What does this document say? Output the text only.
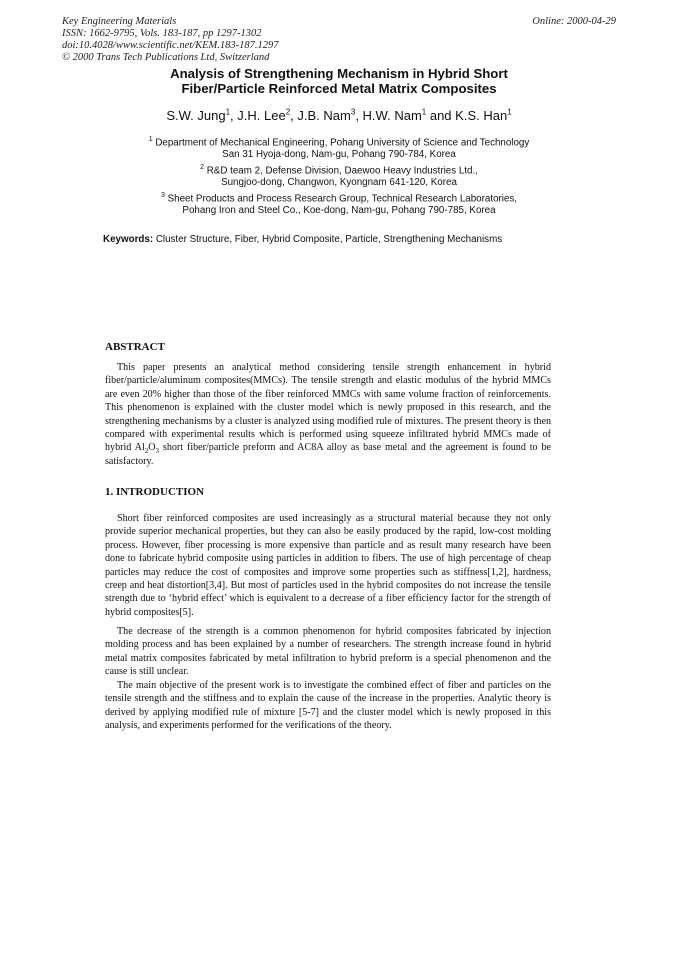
Key Engineering Materials
ISSN: 1662-9795, Vols. 183-187, pp 1297-1302
doi:10.4028/www.scientific.net/KEM.183-187.1297
© 2000 Trans Tech Publications Ltd, Switzerland
Online: 2000-04-29
Analysis of Strengthening Mechanism in Hybrid Short
Fiber/Particle Reinforced Metal Matrix Composites
S.W. Jung$^1$, J.H. Lee$^2$, J.B. Nam$^3$, H.W. Nam$^1$ and K.S. Han$^1$
$^1$ Department of Mechanical Engineering, Pohang University of Science and Technology
San 31 Hyoja-dong, Nam-gu, Pohang 790-784, Korea
$^2$ R&D team 2, Defense Division, Daewoo Heavy Industries Ltd.,
Sungjoo-dong, Changwon, Kyongnam 641-120, Korea
$^3$ Sheet Products and Process Research Group, Technical Research Laboratories,
Pohang Iron and Steel Co., Koe-dong, Nam-gu, Pohang 790-785, Korea
Keywords: Cluster Structure, Fiber, Hybrid Composite, Particle, Strengthening Mechanisms
ABSTRACT

This paper presents an analytical method considering tensile strength enhancement in hybrid fiber/particle/aluminum composites(MMCs). The tensile strength and elastic modulus of the hybrid MMCs are even 20% higher than those of the fiber reinforced MMCs with same volume fraction of reinforcements. This phenomenon is explained with the cluster model which is newly proposed in this research, and the strengthening mechanisms by a cluster is analyzed using modified rule of mixtures. The present theory is then compared with experimental results which is performed using squeeze infiltrated hybrid MMCs made of hybrid $Al_2O_3$ short fiber/particle preform and AC8A alloy as base metal and the agreement is found to be satisfactory.

1. INTRODUCTION

Short fiber reinforced composites are used increasingly as a structural material because they not only provide superior mechanical properties, but they can also be easily produced by the rapid, low-cost molding process. However, fiber processing is more expensive than particle and as result many research have been done to fabricate hybrid composite using particles in addition to fibers. The use of high percentage of cheap particles may reduce the cost of composites and improve some properties such as stiffness[1,2], hardness, creep and heat distortion[3,4]. But most of particles used in the hybrid composites do not increase the tensile strength due to ‘hybrid effect’ which is equivalent to a decrease of a fiber efficiency factor for the strength of hybrid composites[5].

The decrease of the strength is a common phenomenon for hybrid composites fabricated by injection molding process and has been explained by a number of researchers. The strength increase found in hybrid metal matrix composites fabricated by metal infiltration to hybrid preform is a special phenomenon and the cause is still unclear.

The main objective of the present work is to investigate the combined effect of fiber and particles on the tensile strength and the stiffness and to explain the cause of the increase in the properties. Analytic theory is derived by applying modified rule of mixture [5-7] and the cluster model which is newly proposed in this analysis, and experiments performed for the verifications of the theory.
